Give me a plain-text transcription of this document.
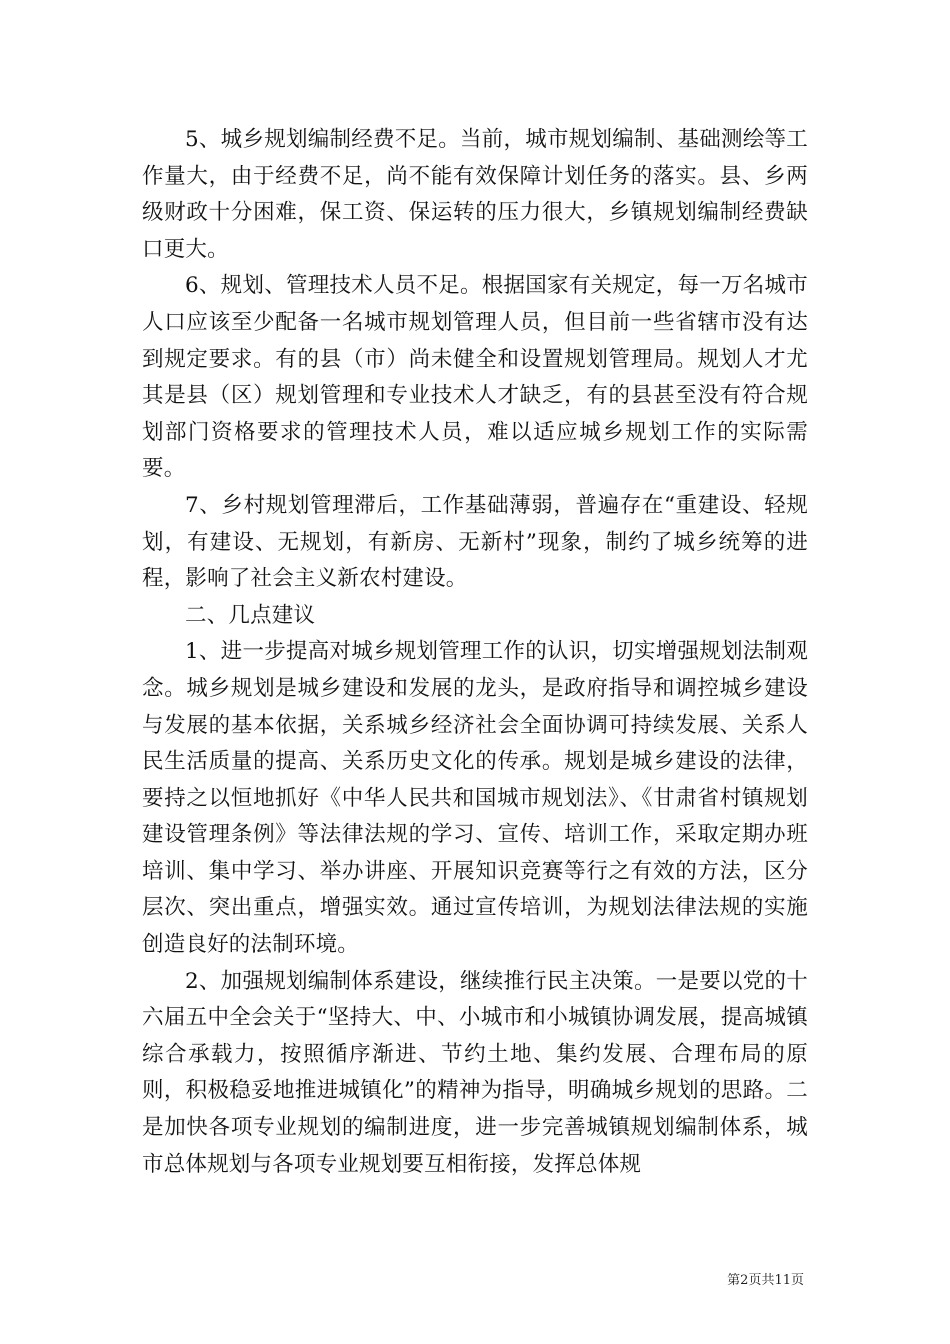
5、城乡规划编制经费不足。当前，城市规划编制、基础测绘等工作量大，由于经费不足，尚不能有效保障计划任务的落实。县、乡两级财政十分困难，保工资、保运转的压力很大，乡镇规划编制经费缺口更大。

6、规划、管理技术人员不足。根据国家有关规定，每一万名城市人口应该至少配备一名城市规划管理人员，但目前一些省辖市没有达到规定要求。有的县（市）尚未健全和设置规划管理局。规划人才尤其是县（区）规划管理和专业技术人才缺乏，有的县甚至没有符合规划部门资格要求的管理技术人员，难以适应城乡规划工作的实际需要。

7、乡村规划管理滞后，工作基础薄弱，普遍存在“重建设、轻规划，有建设、无规划，有新房、无新村”现象，制约了城乡统筹的进程，影响了社会主义新农村建设。

二、几点建议

1、进一步提高对城乡规划管理工作的认识，切实增强规划法制观念。城乡规划是城乡建设和发展的龙头，是政府指导和调控城乡建设与发展的基本依据，关系城乡经济社会全面协调可持续发展、关系人民生活质量的提高、关系历史文化的传承。规划是城乡建设的法律，要持之以恒地抓好《中华人民共和国城市规划法》、《甘肃省村镇规划建设管理条例》等法律法规的学习、宣传、培训工作，采取定期办班培训、集中学习、举办讲座、开展知识竞赛等行之有效的方法，区分层次、突出重点，增强实效。通过宣传培训，为规划法律法规的实施创造良好的法制环境。

2、加强规划编制体系建设，继续推行民主决策。一是要以党的十六届五中全会关于“坚持大、中、小城市和小城镇协调发展，提高城镇综合承载力，按照循序渐进、节约土地、集约发展、合理布局的原则，积极稳妥地推进城镇化”的精神为指导，明确城乡规划的思路。二是加快各项专业规划的编制进度，进一步完善城镇规划编制体系，城市总体规划与各项专业规划要互相衔接，发挥总体规

第2页共11页
